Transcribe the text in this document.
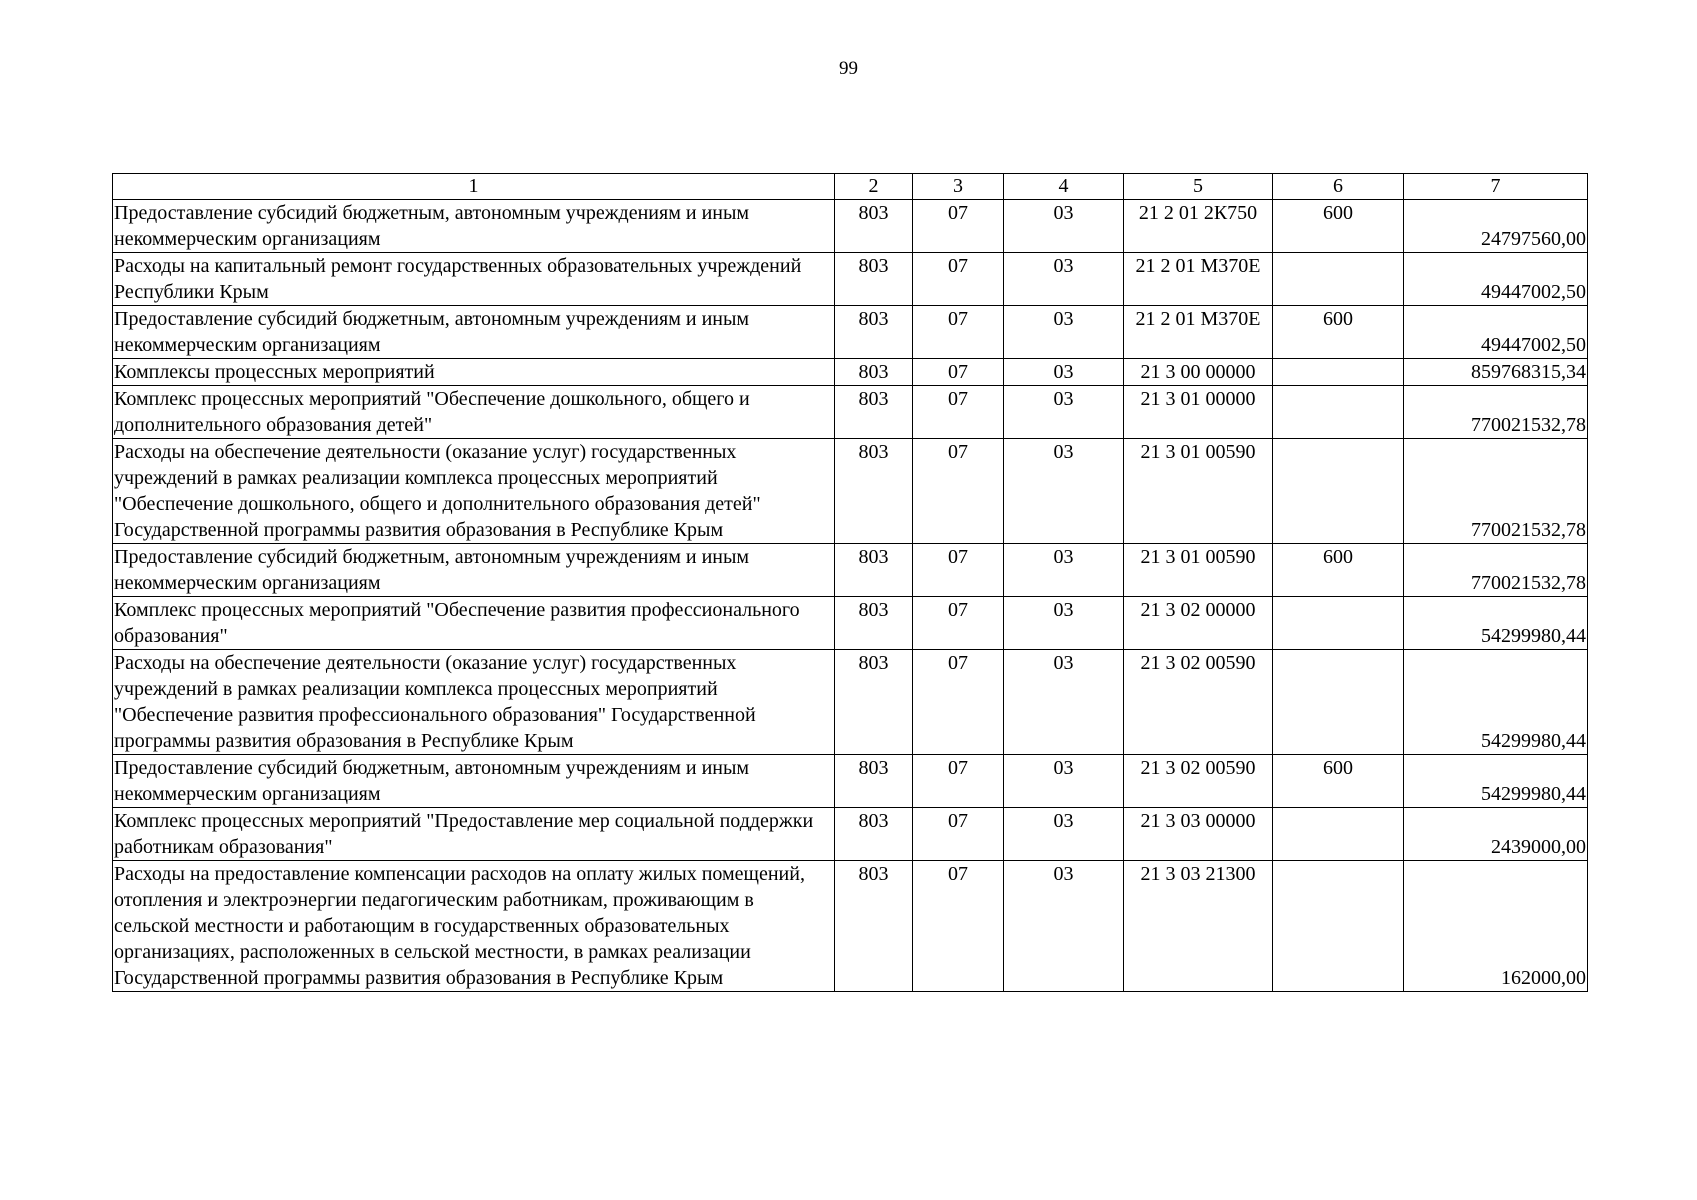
99
1	2	3	4	5	6	7
Предоставление субсидий бюджетным, автономным учреждениям и иным некоммерческим организациям	803	07	03	21 2 01 2К750	600	24797560,00
Расходы на капитальный ремонт государственных образовательных учреждений Республики Крым	803	07	03	21 2 01 М370Е		49447002,50
Предоставление субсидий бюджетным, автономным учреждениям и иным некоммерческим организациям	803	07	03	21 2 01 М370Е	600	49447002,50
Комплексы процессных мероприятий	803	07	03	21 3 00 00000		859768315,34
Комплекс процессных мероприятий "Обеспечение дошкольного, общего и дополнительного образования детей"	803	07	03	21 3 01 00000		770021532,78
Расходы на обеспечение деятельности (оказание услуг) государственных учреждений в рамках реализации комплекса процессных мероприятий "Обеспечение дошкольного, общего и дополнительного образования детей" Государственной программы развития образования в Республике Крым	803	07	03	21 3 01 00590		770021532,78
Предоставление субсидий бюджетным, автономным учреждениям и иным некоммерческим организациям	803	07	03	21 3 01 00590	600	770021532,78
Комплекс процессных мероприятий "Обеспечение развития профессионального образования"	803	07	03	21 3 02 00000		54299980,44
Расходы на обеспечение деятельности (оказание услуг) государственных учреждений в рамках реализации комплекса процессных мероприятий "Обеспечение развития профессионального образования" Государственной программы развития образования в Республике Крым	803	07	03	21 3 02 00590		54299980,44
Предоставление субсидий бюджетным, автономным учреждениям и иным некоммерческим организациям	803	07	03	21 3 02 00590	600	54299980,44
Комплекс процессных мероприятий "Предоставление мер социальной поддержки работникам образования"	803	07	03	21 3 03 00000		2439000,00
Расходы на предоставление компенсации расходов на оплату жилых помещений, отопления и электроэнергии педагогическим работникам, проживающим в сельской местности и работающим в государственных образовательных организациях, расположенных в сельской местности, в рамках реализации Государственной программы развития образования в Республике Крым	803	07	03	21 3 03 21300		162000,00
